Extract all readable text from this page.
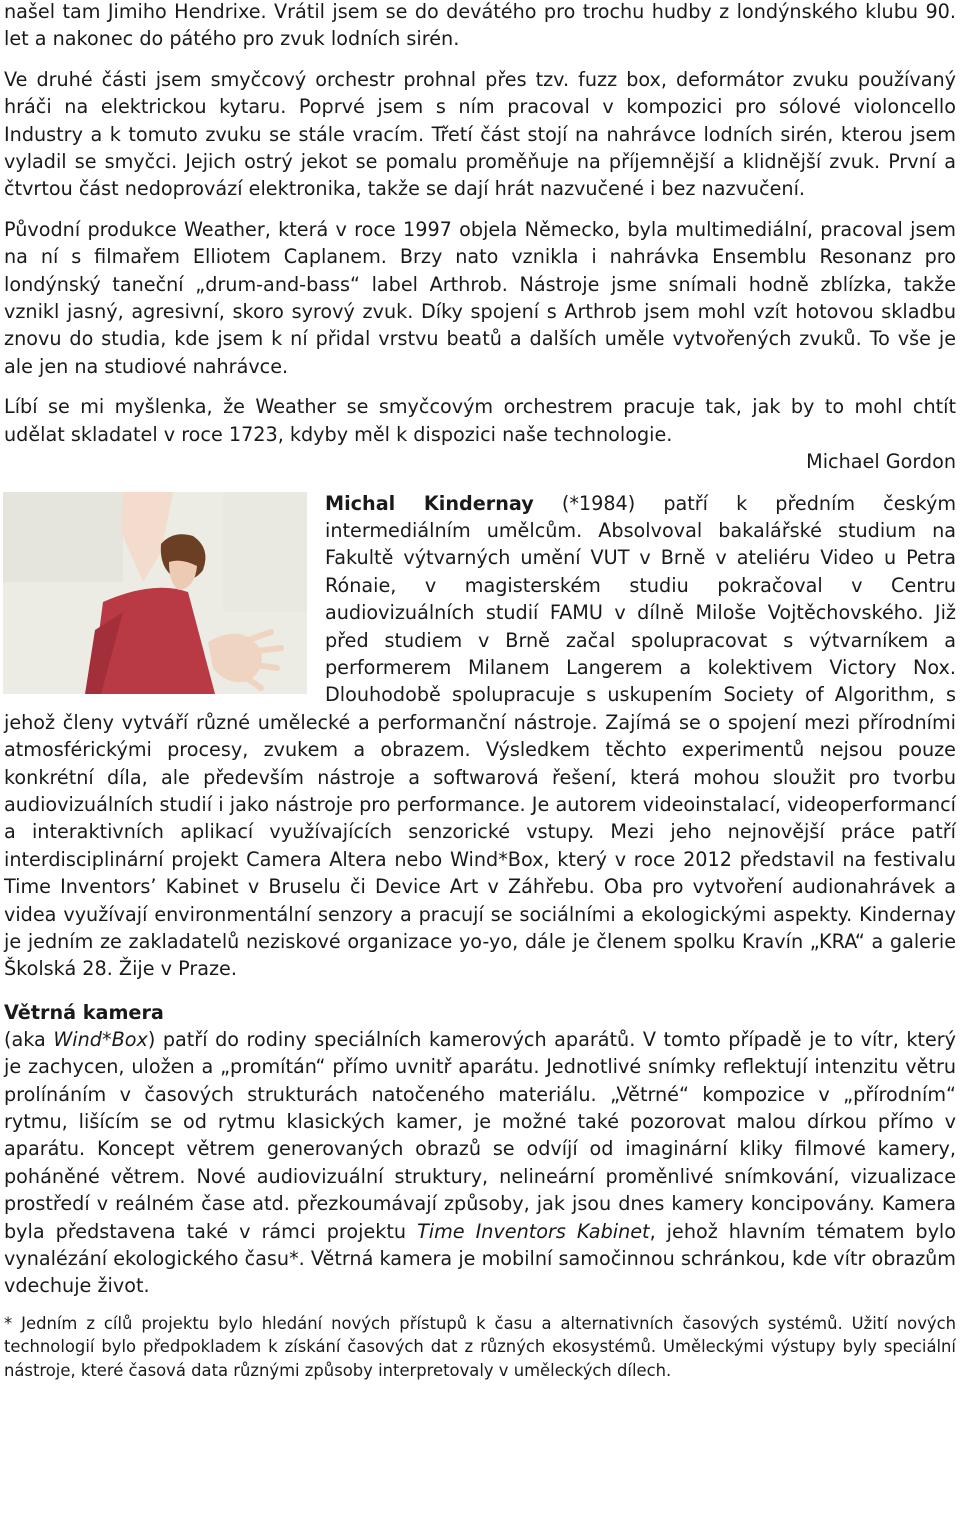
našel tam Jimiho Hendrixe. Vrátil jsem se do devátého pro trochu hudby z londýnského klubu 90. let a nakonec do pátého pro zvuk lodních sirén.

Ve druhé části jsem smyčcový orchestr prohnal přes tzv. fuzz box, deformátor zvuku používaný hráči na elektrickou kytaru. Poprvé jsem s ním pracoval v kompozici pro sólové violoncello Industry a k tomuto zvuku se stále vracím. Třetí část stojí na nahrávce lodních sirén, kterou jsem vyladil se smyčci. Jejich ostrý jekot se pomalu proměňuje na příjemnější a klidnější zvuk. První a čtvrtou část nedoprovází elektronika, takže se dají hrát nazvučené i bez nazvučení.

Původní produkce Weather, která v roce 1997 objela Německo, byla multimediální, pracoval jsem na ní s filmařem Elliotem Caplanem. Brzy nato vznikla i nahrávka Ensemblu Resonanz pro londýnský taneční „drum-and-bass“ label Arthrob. Nástroje jsme snímali hodně zblízka, takže vznikl jasný, agresivní, skoro syrový zvuk. Díky spojení s Arthrob jsem mohl vzít hotovou skladbu znovu do studia, kde jsem k ní přidal vrstvu beatů a dalších uměle vytvořených zvuků. To vše je ale jen na studiové nahrávce.

Líbí se mi myšlenka, že Weather se smyčcovým orchestrem pracuje tak, jak by to mohl chtít udělat skladatel v roce 1723, kdyby měl k dispozici naše technologie.

Michael Gordon

Michal Kindernay (*1984) patří k předním českým intermediálním umělcům. Absolvoval bakalářské studium na Fakultě výtvarných umění VUT v Brně v ateliéru Video u Petra Rónaie, v magisterském studiu pokračoval v Centru audiovizuálních studií FAMU v dílně Miloše Vojtěchovského. Již před studiem v Brně začal spolupracovat s výtvarníkem a performerem Milanem Langerem a kolektivem Victory Nox. Dlouhodobě spolupracuje s uskupením Society of Algorithm, s jehož členy vytváří různé umělecké a performanční nástroje. Zajímá se o spojení mezi přírodními atmosférickými procesy, zvukem a obrazem. Výsledkem těchto experimentů nejsou pouze konkrétní díla, ale především nástroje a softwarová řešení, která mohou sloužit pro tvorbu audiovizuálních studií i jako nástroje pro performance. Je autorem videoinstalací, videoperformancí a interaktivních aplikací využívajících senzorické vstupy. Mezi jeho nejnovější práce patří interdisciplinární projekt Camera Altera nebo Wind*Box, který v roce 2012 představil na festivalu Time Inventors’ Kabinet v Bruselu či Device Art v Záhřebu. Oba pro vytvoření audionahrávek a videa využívají environmentální senzory a pracují se sociálními a ekologickými aspekty. Kindernay je jedním ze zakladatelů neziskové organizace yo-yo, dále je členem spolku Kravín „KRA“ a galerie Školská 28. Žije v Praze.

Větrná kamera

(aka Wind*Box) patří do rodiny speciálních kamerových aparátů. V tomto případě je to vítr, který je zachycen, uložen a „promítán“ přímo uvnitř aparátu. Jednotlivé snímky reflektují intenzitu větru prolínáním v časových strukturách natočeného materiálu. „Větrné“ kompozice v „přírodním“ rytmu, lišícím se od rytmu klasických kamer, je možné také pozorovat malou dírkou přímo v aparátu. Koncept větrem generovaných obrazů se odvíjí od imaginární kliky filmové kamery, poháněné větrem. Nové audiovizuální struktury, nelineární proměnlivé snímkování, vizualizace prostředí v reálném čase atd. přezkoumávají způsoby, jak jsou dnes kamery koncipovány. Kamera byla představena také v rámci projektu Time Inventors Kabinet, jehož hlavním tématem bylo vynalézání ekologického času*. Větrná kamera je mobilní samočinnou schránkou, kde vítr obrazům vdechuje život.

* Jedním z cílů projektu bylo hledání nových přístupů k času a alternativních časových systémů. Užití nových technologií bylo předpokladem k získání časových dat z různých ekosystémů. Uměleckými výstupy byly speciální nástroje, které časová data různými způsoby interpretovaly v uměleckých dílech.
